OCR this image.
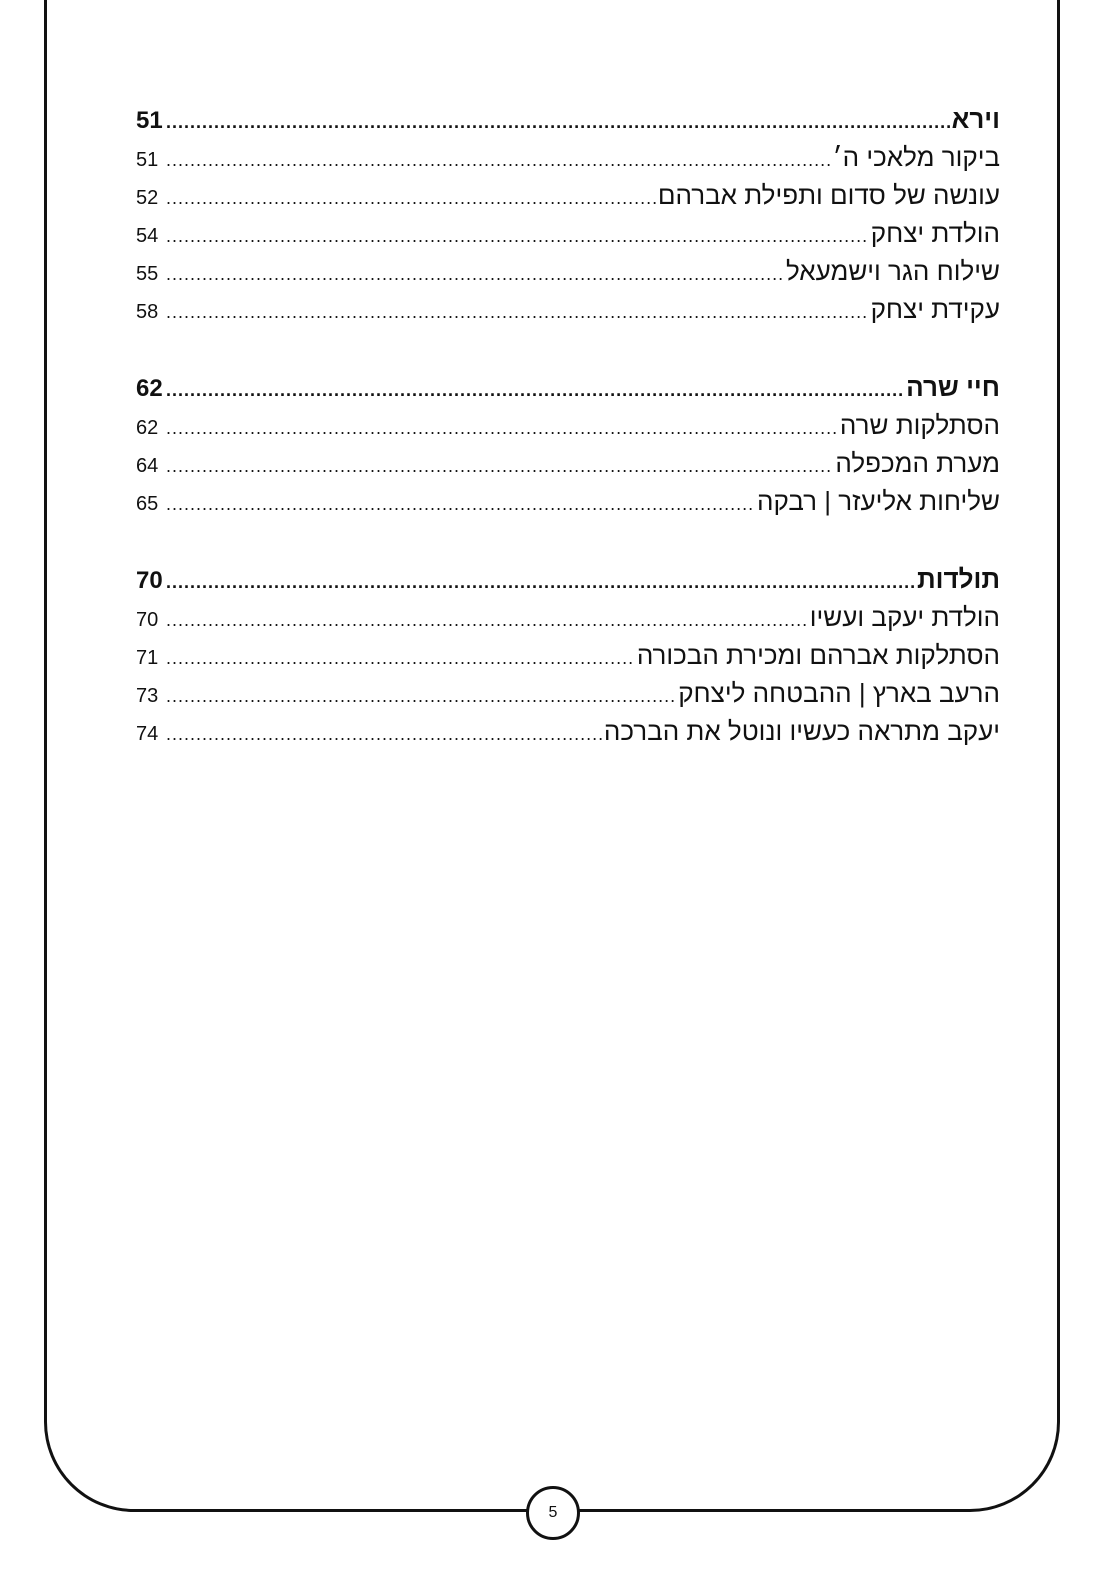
וירא
.....
51
ביקור מלאכי ה׳
.....
51
עונשה של סדום ותפילת אברהם
.....
52
הולדת יצחק
.....
54
שילוח הגר וישמעאל
.....
55
עקידת יצחק
.....
58
חיי שרה
.....
62
הסתלקות שרה
.....
62
מערת המכפלה
.....
64
שליחות אליעזר | רבקה
.....
65
תולדות
.....
70
הולדת יעקב ועשיו
.....
70
הסתלקות אברהם ומכירת הבכורה
.....
71
הרעב בארץ | ההבטחה ליצחק
.....
73
יעקב מתראה כעשיו ונוטל את הברכה
.....
74
5
